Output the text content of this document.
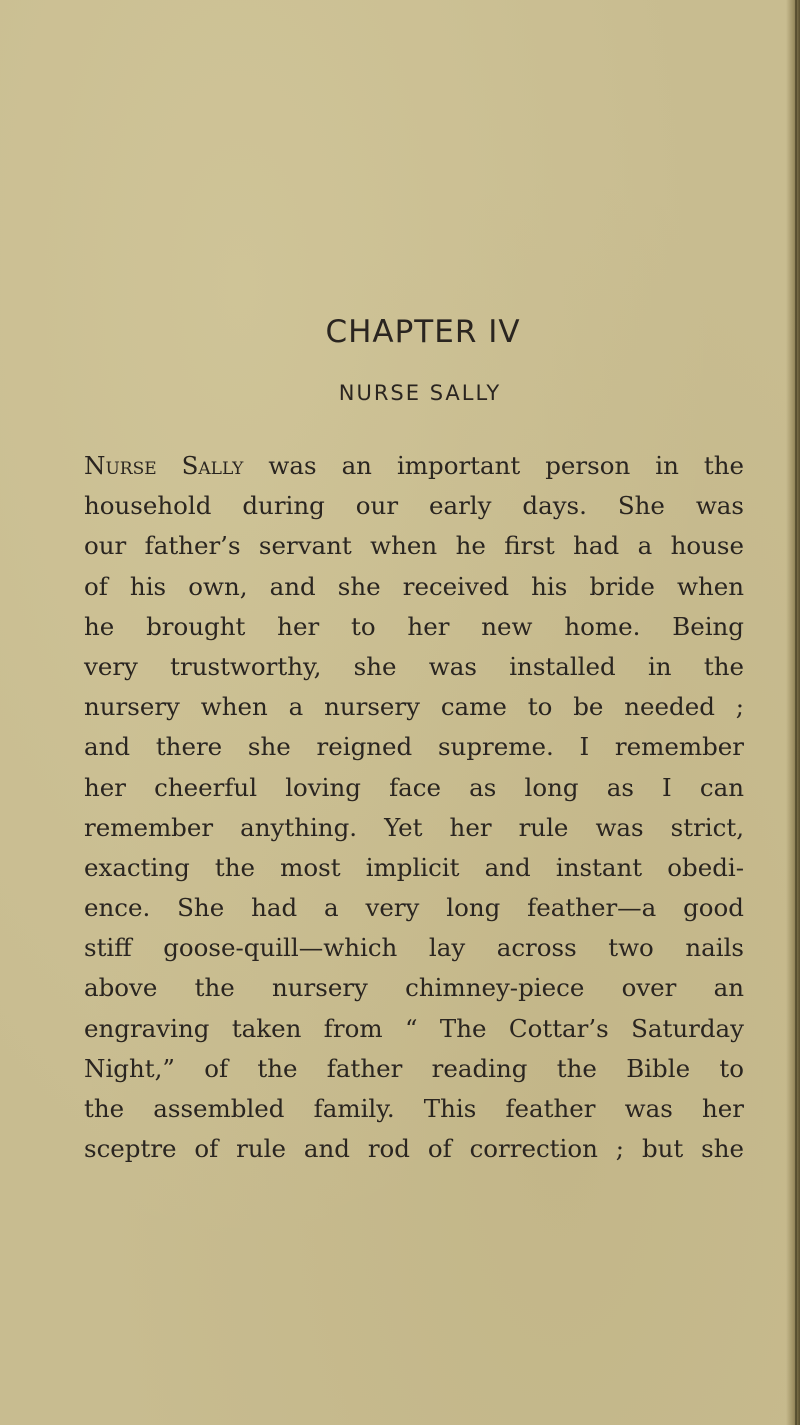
CHAPTER IV
NURSE SALLY
Nurse Sally was an important person in the
household during our early days. She was
our father’s servant when he first had a house
of his own, and she received his bride when
he brought her to her new home. Being
very trustworthy, she was installed in the
nursery when a nursery came to be needed ;
and there she reigned supreme. I remember
her cheerful loving face as long as I can
remember anything. Yet her rule was strict,
exacting the most implicit and instant obedi-
ence. She had a very long feather—a good
stiff goose-quill—which lay across two nails
above the nursery chimney-piece over an
engraving taken from “ The Cottar’s Saturday
Night,” of the father reading the Bible to
the assembled family. This feather was her
sceptre of rule and rod of correction ; but she
